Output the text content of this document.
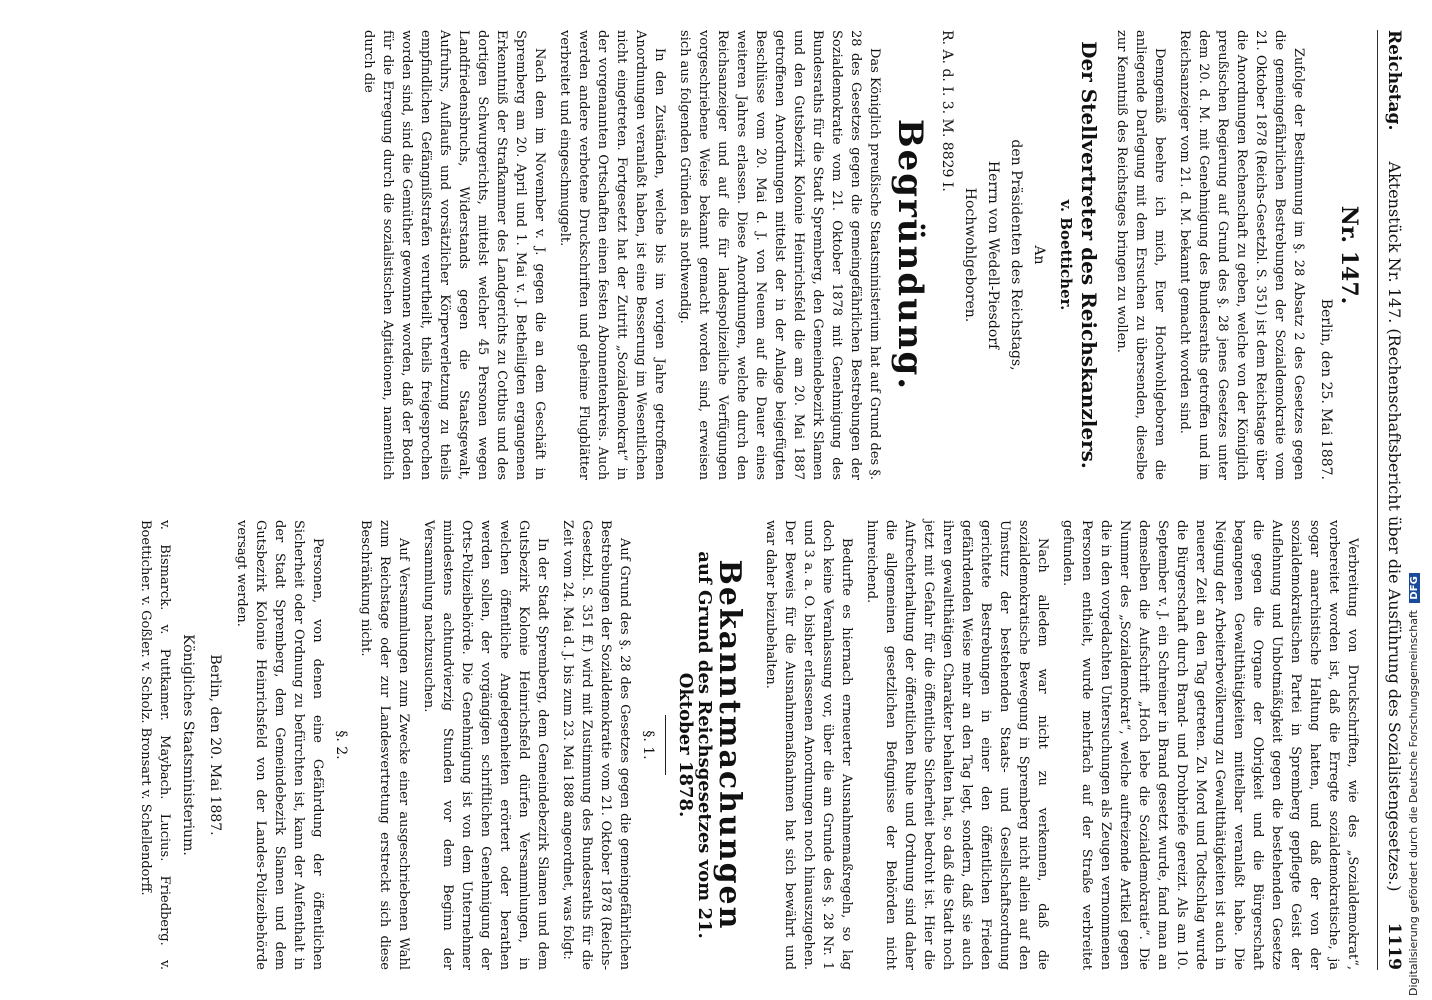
Reichstag.
Aktenstück Nr. 147. (Rechenschaftsbericht über die Ausführung des Sozialistengesetzes.)
1119
Nr. 147.
Berlin, den 25. Mai 1887.

Zufolge der Bestimmung im §. 28 Absatz 2 des Gesetzes gegen die gemeingefährlichen Bestrebungen der Sozialdemokratie vom 21. Oktober 1878 (Reichs-Gesetzbl. S. 351) ist dem Reichstage über die Anordnungen Rechenschaft zu geben, welche von der Königlich preußischen Regierung auf Grund des §. 28 jenes Gesetzes unter dem 20. d. M. mit Genehmigung des Bundesraths getroffen und im Reichsanzeiger vom 21. d. M. bekannt gemacht worden sind.

Demgemäß beehre ich mich, Euer Hochwohlgeboren die anliegende Darlegung mit dem Ersuchen zu übersenden, dieselbe zur Kenntniß des Reichstages bringen zu wollen.

Der Stellvertreter des Reichskanzlers.
v. Boetticher.
An
den Präsidenten des Reichstags,
Herrn von Wedell-Piesdorf
Hochwohlgeboren.
R. A. d. I. 3. M. 8829 I.
Begründung.

Das Königlich preußische Staatsministerium hat auf Grund des §. 28 des Gesetzes gegen die gemeingefährlichen Bestrebungen der Sozialdemokratie vom 21. Oktober 1878 mit Genehmigung des Bundesraths für die Stadt Spremberg, den Gemeindebezirk Slamen und den Gutsbezirk Kolonie Heinrichsfeld die am 20. Mai 1887 getroffenen Anordnungen mittelst der in der Anlage beigefügten Beschlüsse vom 20. Mai d. J. von Neuem auf die Dauer eines weiteren Jahres erlassen. Diese Anordnungen, welche durch den Reichsanzeiger und auf die für landespolizeiliche Verfügungen vorgeschriebene Weise bekannt gemacht worden sind, erweisen sich aus folgenden Gründen als nothwendig.

In den Zuständen, welche bis im vorigen Jahre getroffenen Anordnungen veranlaßt haben, ist eine Besserung im Wesentlichen nicht eingetreten. Fortgesetzt hat der Zutritt „Sozialdemokrat“ in der vorgenannten Ortschaften einen festen Abonnentenkreis. Auch werden andere verbotene Druckschriften und geheime Flugblätter verbreitet und eingeschmuggelt.

Nach dem im November v. J. gegen die an dem Geschäft in Spremberg am 20. April und 1. Mai v. J. Betheiligten ergangenen Erkenntniß der Strafkammer des Landgerichts zu Cottbus und des dortigen Schwurgerichts, mittelst welcher 45 Personen wegen Landfriedensbruchs, Widerstands gegen die Staatsgewalt, Aufruhrs, Auflaufs und vorsätzlicher Körperverletzung zu theils empfindlichen Gefängnißstrafen verurtheilt, theils freigesprochen worden sind, sind die Gemüther gewonnen worden, daß der Boden für die Erregung durch die sozialistischen Agitationen, namentlich durch die

Verbreitung von Druckschriften, wie des „Sozialdemokrat“, vorbereitet worden ist, daß die Erregte sozialdemokratische, ja sogar anarchistische Haltung hatten, und daß der von der sozialdemokratischen Partei in Spremberg gepflegte Geist der Auflehnung und Unbotmäßigkeit gegen die bestehenden Gesetze die gegen die Organe der Obrigkeit und die Bürgerschaft begangenen Gewaltthätigkeiten mittelbar veranlaßt habe. Die Neigung der Arbeiterbevölkerung zu Gewaltthätigkeiten ist auch in neuerer Zeit an den Tag getreten. Zu Mord und Todtschlag wurde die Bürgerschaft durch Brand- und Drohbriefe gereizt. Als am 10. September v. J. ein Schreiner in Brand gesetzt wurde, fand man an demselben die Aufschrift „Hoch lebe die Sozialdemokratie“. Die Nummer des „Sozialdemokrat“, welche aufreizende Artikel gegen die in den vorgedachten Untersuchungen als Zeugen vernommenen Personen enthielt, wurde mehrfach auf der Straße verbreitet gefunden.

Nach alledem war nicht zu verkennen, daß die sozialdemokratische Bewegung in Spremberg nicht allein auf den Umsturz der bestehenden Staats- und Gesellschaftsordnung gerichtete Bestrebungen in einer den öffentlichen Frieden gefährdenden Weise mehr an den Tag legt, sondern, daß sie auch ihren gewaltthätigen Charakter behalten hat, so daß die Stadt noch jetzt mit Gefahr für die öffentliche Sicherheit bedroht ist. Hier die Aufrechterhaltung der öffentlichen Ruhe und Ordnung sind daher die allgemeinen gesetzlichen Befugnisse der Behörden nicht hinreichend.

Bedurfte es hiernach erneuerter Ausnahmemaßregeln, so lag doch keine Veranlassung vor, über die am Grunde des §. 28 Nr. 1 und 3 a. a. O. bisher erlassenen Anordnungen noch hinauszugehen. Der Beweis für die Ausnahmemaßnahmen hat sich bewährt und war daher beizubehalten.

Bekanntmachungen
auf Grund des Reichsgesetzes vom 21. Oktober 1878.
§. 1.

Auf Grund des §. 28 des Gesetzes gegen die gemeingefährlichen Bestrebungen der Sozialdemokratie vom 21. Oktober 1878 (Reichs-Gesetzbl. S. 351 ff.) wird mit Zustimmung des Bundesraths für die Zeit vom 24. Mai d. J. bis zum 23. Mai 1888 angeordnet, was folgt:

In der Stadt Spremberg, dem Gemeindebezirk Slamen und dem Gutsbezirk Kolonie Heinrichsfeld dürfen Versammlungen, in welchen öffentliche Angelegenheiten erörtert oder berathen werden sollen, der vorgängigen schriftlichen Genehmigung der Orts-Polizeibehörde. Die Genehmigung ist von dem Unternehmer mindestens achtundvierzig Stunden vor dem Beginn der Versammlung nachzusuchen.

Auf Versammlungen zum Zwecke einer ausgeschriebenen Wahl zum Reichstage oder zur Landesvertretung erstreckt sich diese Beschränkung nicht.

§. 2.

Personen, von denen eine Gefährdung der öffentlichen Sicherheit oder Ordnung zu befürchten ist, kann der Aufenthalt in der Stadt Spremberg, dem Gemeindebezirk Slamen und dem Gutsbezirk Kolonie Heinrichsfeld von der Landes-Polizeibehörde versagt werden.

Berlin, den 20. Mai 1887.
Königliches Staatsministerium.
v. Bismarck. v. Puttkamer. Maybach. Lucius. Friedberg. v. Boetticher. v. Goßler. v. Scholz. Bronsart v. Schellendorff.	Digitalisierung gefördert durch die Deutsche Forschungsgemeinschaft DFG
